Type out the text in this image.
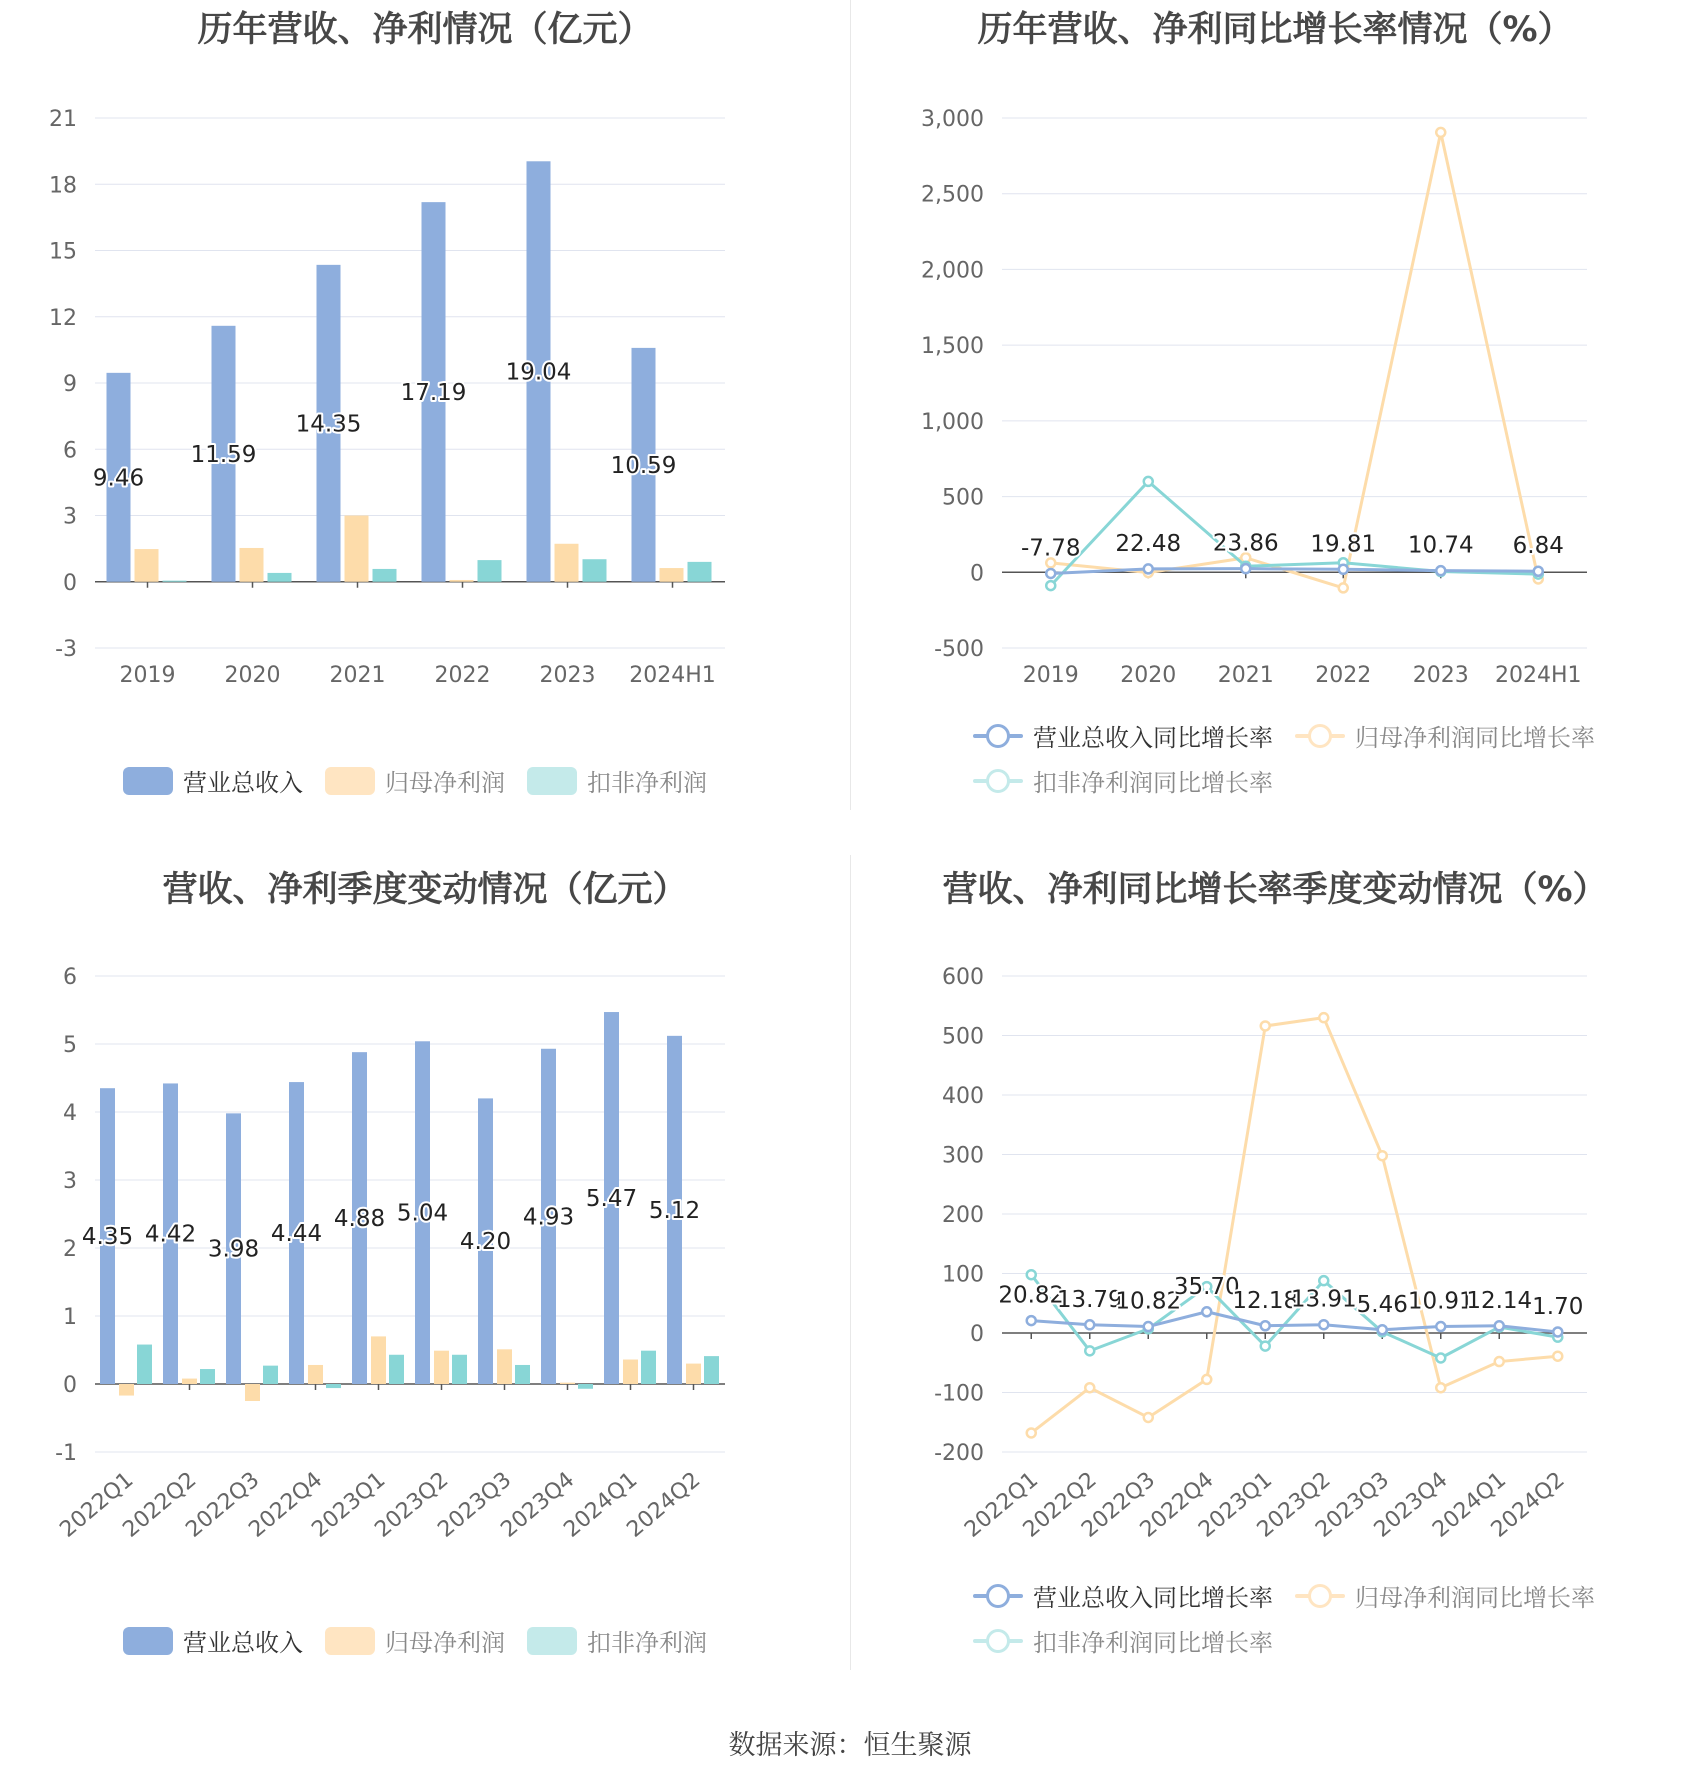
历年营收、净利情况（亿元）
-3
0
3
6
9
12
15
18
21
2019 2020 2021 2022 2023 2024H1
9.46
11.59
14.35
17.19
19.04
10.59
营业总收入	归母净利润	扣非净利润
历年营收、净利同比增长率情况（%）
-500
0
500
1,000
1,500
2,000
2,500
3,000
2019 2020 2021 2022 2023 2024H1
-7.78 22.48 23.86 19.81 10.74 6.84
营业总收入同比增长率	归母净利润同比增长率
扣非净利润同比增长率
营收、净利季度变动情况（亿元）
-1
0
1
2
3
4
5
6
2022Q1
2022Q2
2022Q3
2022Q4
2023Q1
2023Q2
2023Q3
2023Q4
2024Q1
2024Q2
4.35 4.42
3.98
4.44
4.88 5.04
4.20
4.93
5.47 5.12
营业总收入	归母净利润	扣非净利润
营收、净利同比增长率季度变动情况（%）
-200
-100
0
100
200
300
400
500
600
2022Q1
2022Q2
2022Q3
2022Q4
2023Q1
2023Q2
2023Q3
2023Q4
2024Q1
2024Q2
20.82
13.79
10.82
35.70
12.18
13.91 5.46 10.91
12.14 1.70
营业总收入同比增长率	归母净利润同比增长率
扣非净利润同比增长率
数据来源：恒生聚源
